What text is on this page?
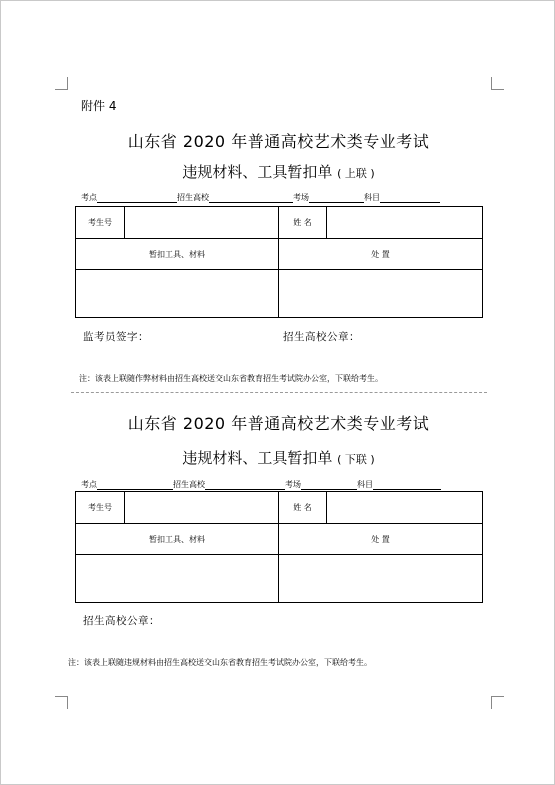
附件 4
山东省 2020 年普通高校艺术类专业考试
违规材料、工具暂扣单 ( 上联 )
考点	招生高校	考场	科目
考生号		姓 名	
暂扣工具、材料		处 置	

监考员签字：	招生高校公章：
注：该表上联随作弊材料由招生高校送交山东省教育招生考试院办公室，下联给考生。
山东省 2020 年普通高校艺术类专业考试
违规材料、工具暂扣单 ( 下联 )
考点	招生高校	考场	科目
考生号		姓 名	
暂扣工具、材料		处 置	

招生高校公章：
注：该表上联随违规材料由招生高校送交山东省教育招生考试院办公室，下联给考生。
